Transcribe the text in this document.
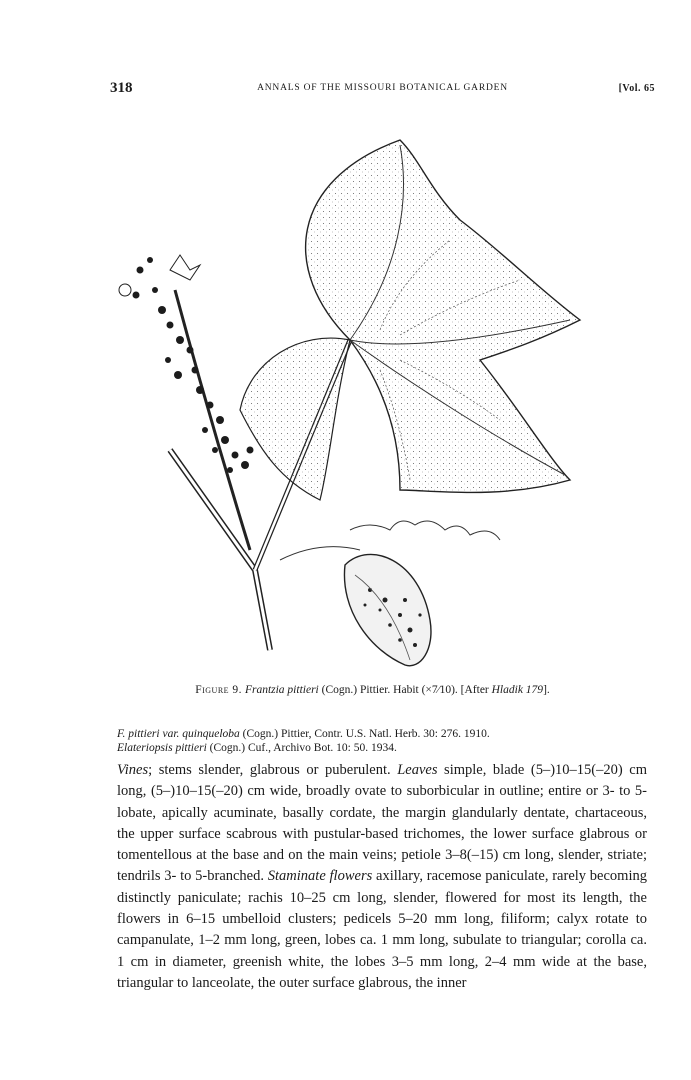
318	ANNALS OF THE MISSOURI BOTANICAL GARDEN	[Vol. 65
Figure 9. Frantzia pittieri (Cogn.) Pittier. Habit (×7⁄10). [After Hladik 179].
F. pittieri var. quinqueloba (Cogn.) Pittier, Contr. U.S. Natl. Herb. 30: 276. 1910.
Elateriopsis pittieri (Cogn.) Cuf., Archivo Bot. 10: 50. 1934.

Vines; stems slender, glabrous or puberulent. Leaves simple, blade (5–)10–15(–20) cm long, (5–)10–15(–20) cm wide, broadly ovate to suborbicular in outline; entire or 3- to 5-lobate, apically acuminate, basally cordate, the margin glandularly dentate, chartaceous, the upper surface scabrous with pustular-based trichomes, the lower surface glabrous or tomentellous at the base and on the main veins; petiole 3–8(–15) cm long, slender, striate; tendrils 3- to 5-branched. Staminate flowers axillary, racemose paniculate, rarely becoming distinctly paniculate; rachis 10–25 cm long, slender, flowered for most its length, the flowers in 6–15 umbelloid clusters; pedicels 5–20 mm long, filiform; calyx rotate to campanulate, 1–2 mm long, green, lobes ca. 1 mm long, subulate to triangular; corolla ca. 1 cm in diameter, greenish white, the lobes 3–5 mm long, 2–4 mm wide at the base, triangular to lanceolate, the outer surface glabrous, the inner
